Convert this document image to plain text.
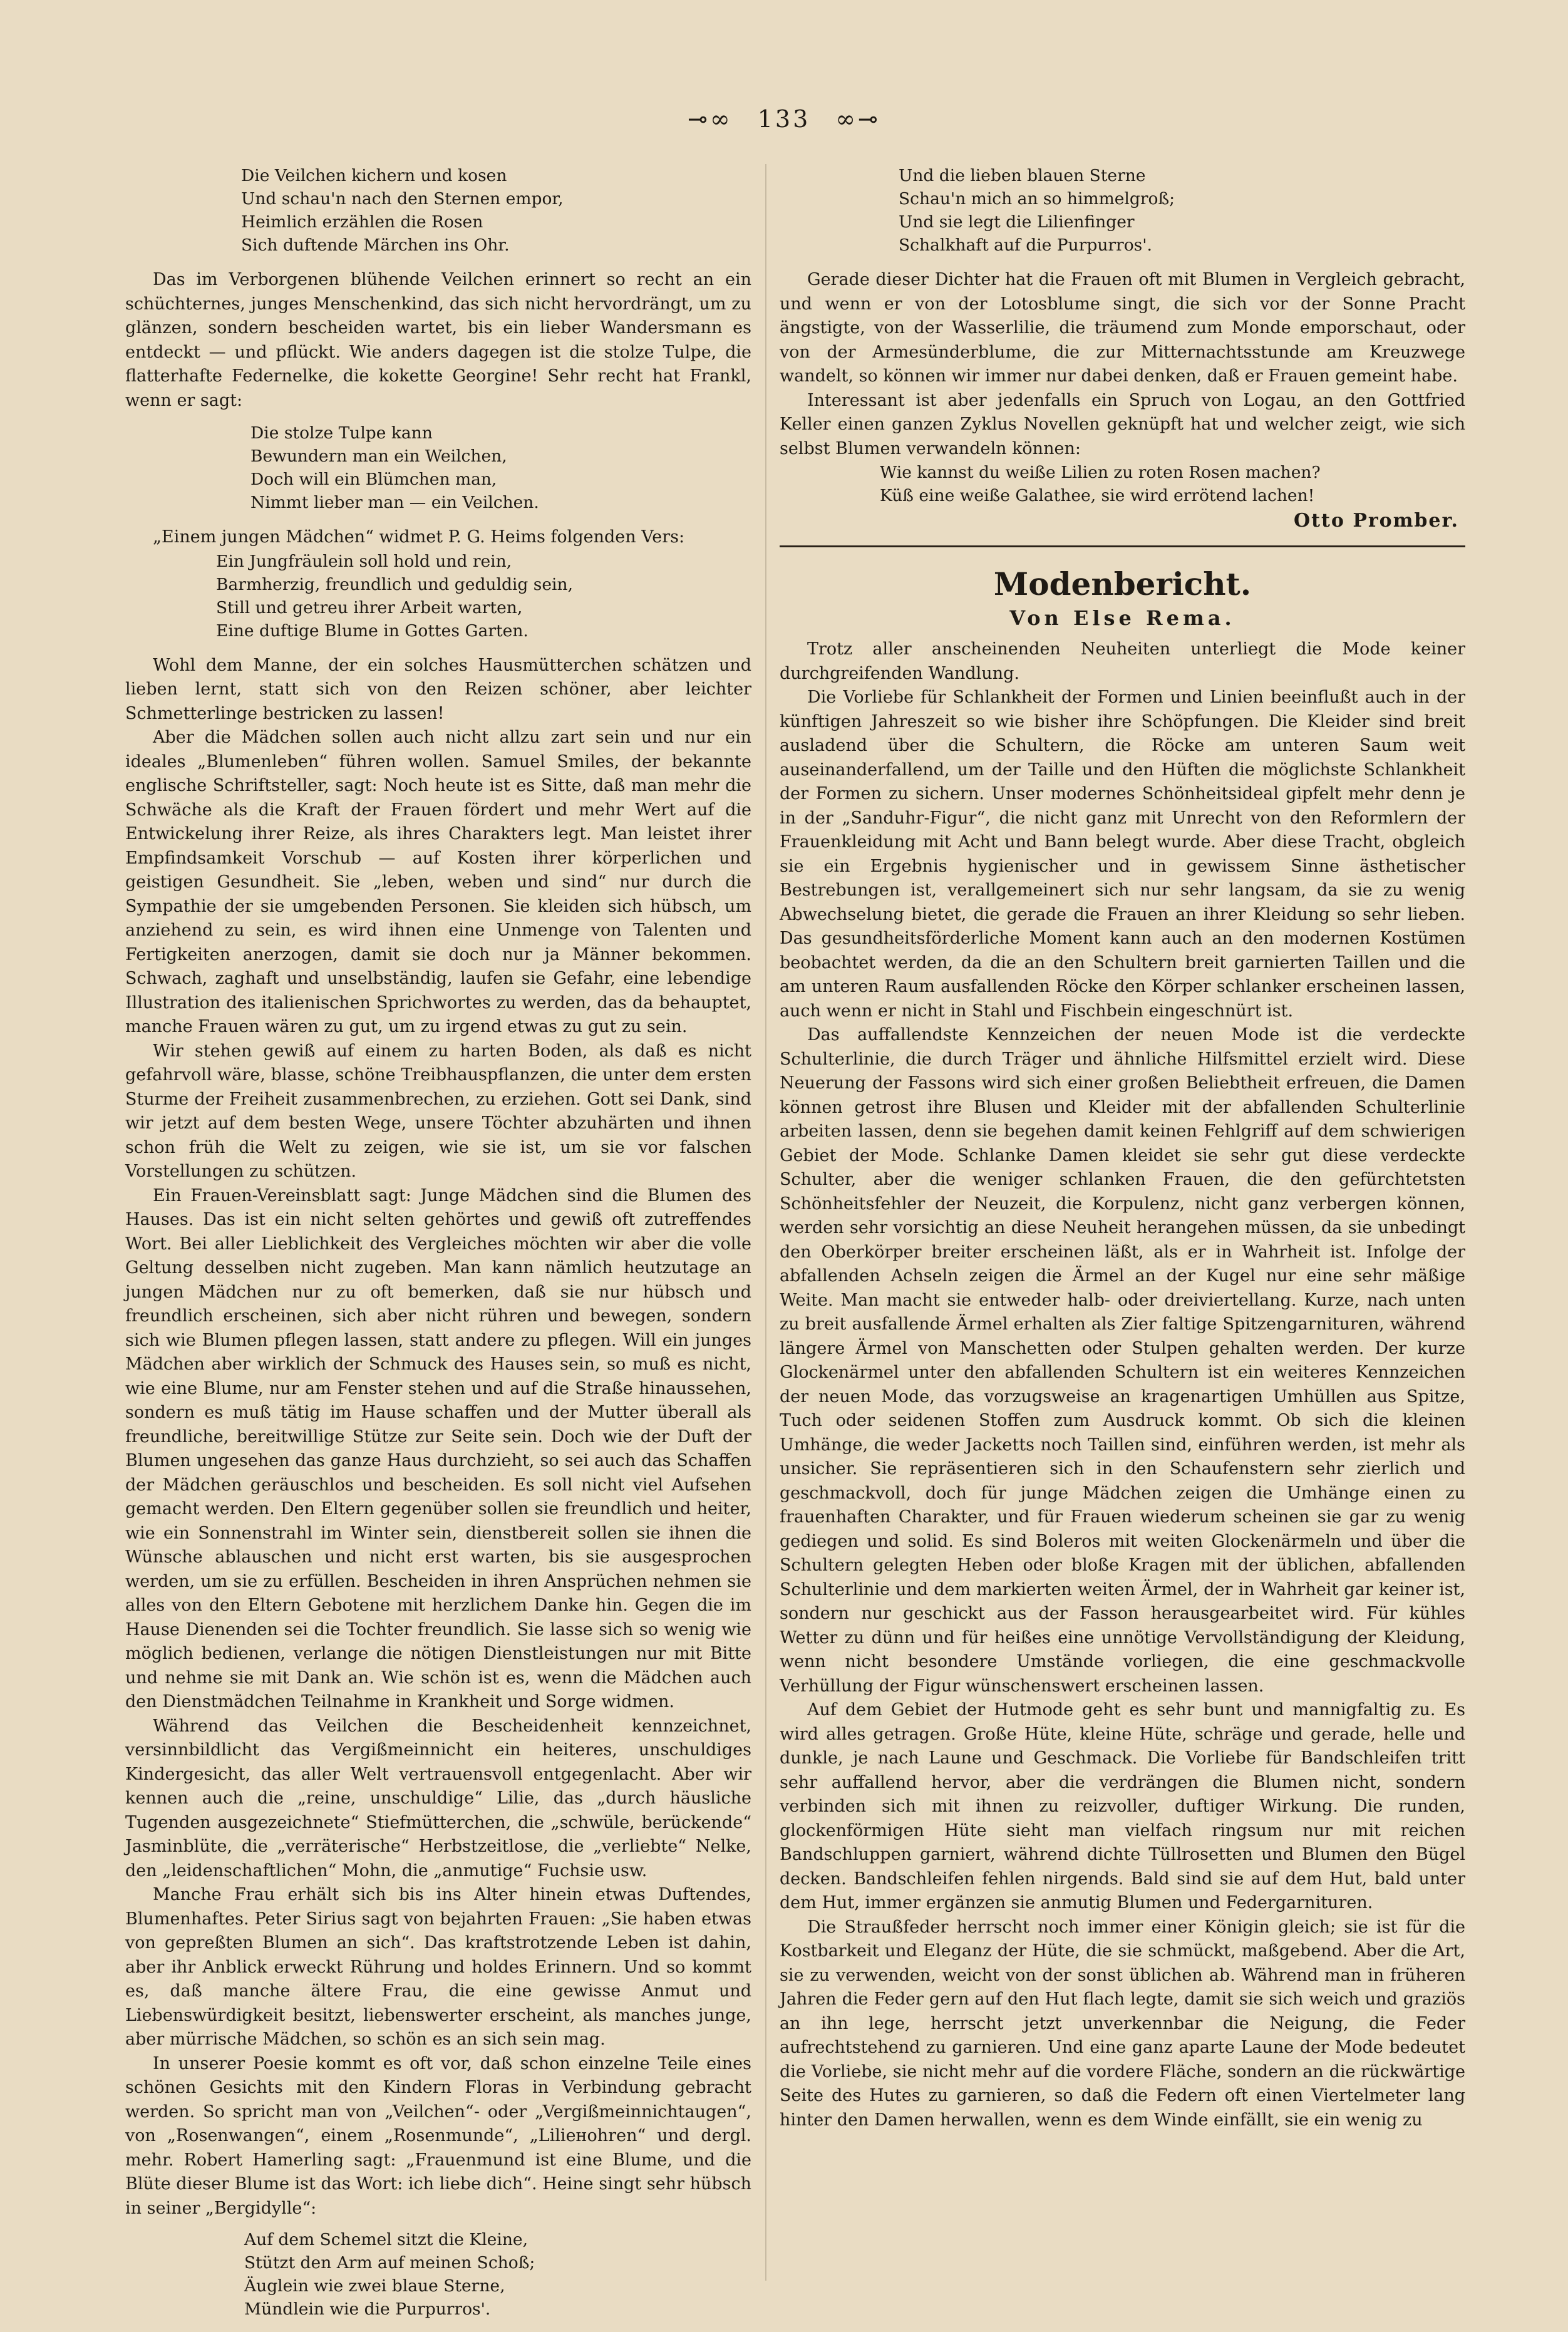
⊸∞ 133 ∞⊸
Die Veilchen kichern und kosen
Und schau'n nach den Sternen empor,
Heimlich erzählen die Rosen
Sich duftende Märchen ins Ohr.

Das im Verborgenen blühende Veilchen erinnert so recht an ein schüchternes, junges Menschenkind, das sich nicht hervordrängt, um zu glänzen, sondern bescheiden wartet, bis ein lieber Wandersmann es entdeckt — und pflückt. Wie anders dagegen ist die stolze Tulpe, die flatterhafte Federnelke, die kokette Georgine! Sehr recht hat Frankl, wenn er sagt:

Die stolze Tulpe kann
Bewundern man ein Weilchen,
Doch will ein Blümchen man,
Nimmt lieber man — ein Veilchen.

„Einem jungen Mädchen“ widmet P. G. Heims folgenden Vers:

Ein Jungfräulein soll hold und rein,
Barmherzig, freundlich und geduldig sein,
Still und getreu ihrer Arbeit warten,
Eine duftige Blume in Gottes Garten.

Wohl dem Manne, der ein solches Hausmütterchen schätzen und lieben lernt, statt sich von den Reizen schöner, aber leichter Schmetterlinge bestricken zu lassen!

Aber die Mädchen sollen auch nicht allzu zart sein und nur ein ideales „Blumenleben“ führen wollen. Samuel Smiles, der bekannte englische Schriftsteller, sagt: Noch heute ist es Sitte, daß man mehr die Schwäche als die Kraft der Frauen fördert und mehr Wert auf die Entwickelung ihrer Reize, als ihres Charakters legt. Man leistet ihrer Empfindsamkeit Vorschub — auf Kosten ihrer körperlichen und geistigen Gesundheit. Sie „leben, weben und sind“ nur durch die Sympathie der sie umgebenden Personen. Sie kleiden sich hübsch, um anziehend zu sein, es wird ihnen eine Unmenge von Talenten und Fertigkeiten anerzogen, damit sie doch nur ja Männer bekommen. Schwach, zaghaft und unselbständig, laufen sie Gefahr, eine lebendige Illustration des italienischen Sprichwortes zu werden, das da behauptet, manche Frauen wären zu gut, um zu irgend etwas zu gut zu sein.

Wir stehen gewiß auf einem zu harten Boden, als daß es nicht gefahrvoll wäre, blasse, schöne Treibhauspflanzen, die unter dem ersten Sturme der Freiheit zusammenbrechen, zu erziehen. Gott sei Dank, sind wir jetzt auf dem besten Wege, unsere Töchter abzuhärten und ihnen schon früh die Welt zu zeigen, wie sie ist, um sie vor falschen Vorstellungen zu schützen.

Ein Frauen-Vereinsblatt sagt: Junge Mädchen sind die Blumen des Hauses. Das ist ein nicht selten gehörtes und gewiß oft zutreffendes Wort. Bei aller Lieblichkeit des Vergleiches möchten wir aber die volle Geltung desselben nicht zugeben. Man kann nämlich heutzutage an jungen Mädchen nur zu oft bemerken, daß sie nur hübsch und freundlich erscheinen, sich aber nicht rühren und bewegen, sondern sich wie Blumen pflegen lassen, statt andere zu pflegen. Will ein junges Mädchen aber wirklich der Schmuck des Hauses sein, so muß es nicht, wie eine Blume, nur am Fenster stehen und auf die Straße hinaussehen, sondern es muß tätig im Hause schaffen und der Mutter überall als freundliche, bereitwillige Stütze zur Seite sein. Doch wie der Duft der Blumen ungesehen das ganze Haus durchzieht, so sei auch das Schaffen der Mädchen geräuschlos und bescheiden. Es soll nicht viel Aufsehen gemacht werden. Den Eltern gegenüber sollen sie freundlich und heiter, wie ein Sonnenstrahl im Winter sein, dienstbereit sollen sie ihnen die Wünsche ablauschen und nicht erst warten, bis sie ausgesprochen werden, um sie zu erfüllen. Bescheiden in ihren Ansprüchen nehmen sie alles von den Eltern Gebotene mit herzlichem Danke hin. Gegen die im Hause Dienenden sei die Tochter freundlich. Sie lasse sich so wenig wie möglich bedienen, verlange die nötigen Dienstleistungen nur mit Bitte und nehme sie mit Dank an. Wie schön ist es, wenn die Mädchen auch den Dienstmädchen Teilnahme in Krankheit und Sorge widmen.

Während das Veilchen die Bescheidenheit kennzeichnet, versinnbildlicht das Vergißmeinnicht ein heiteres, unschuldiges Kindergesicht, das aller Welt vertrauensvoll entgegenlacht. Aber wir kennen auch die „reine, unschuldige“ Lilie, das „durch häusliche Tugenden ausgezeichnete“ Stiefmütterchen, die „schwüle, berückende“ Jasminblüte, die „verräterische“ Herbstzeitlose, die „verliebte“ Nelke, den „leidenschaftlichen“ Mohn, die „anmutige“ Fuchsie usw.

Manche Frau erhält sich bis ins Alter hinein etwas Duftendes, Blumenhaftes. Peter Sirius sagt von bejahrten Frauen: „Sie haben etwas von gepreßten Blumen an sich“. Das kraftstrotzende Leben ist dahin, aber ihr Anblick erweckt Rührung und holdes Erinnern. Und so kommt es, daß manche ältere Frau, die eine gewisse Anmut und Liebenswürdigkeit besitzt, liebenswerter erscheint, als manches junge, aber mürrische Mädchen, so schön es an sich sein mag.

In unserer Poesie kommt es oft vor, daß schon einzelne Teile eines schönen Gesichts mit den Kindern Floras in Verbindung gebracht werden. So spricht man von „Veilchen“- oder „Vergißmeinnichtaugen“, von „Rosenwangen“, einem „Rosenmunde“, „Liliенohren“ und dergl. mehr. Robert Hamerling sagt: „Frauenmund ist eine Blume, und die Blüte dieser Blume ist das Wort: ich liebe dich“. Heine singt sehr hübsch in seiner „Bergidylle“:

Auf dem Schemel sitzt die Kleine,
Stützt den Arm auf meinen Schoß;
Äuglein wie zwei blaue Sterne,
Mündlein wie die Purpurros'.
Und die lieben blauen Sterne
Schau'n mich an so himmelgroß;
Und sie legt die Lilienfinger
Schalkhaft auf die Purpurros'.

Gerade dieser Dichter hat die Frauen oft mit Blumen in Vergleich gebracht, und wenn er von der Lotosblume singt, die sich vor der Sonne Pracht ängstigte, von der Wasserlilie, die träumend zum Monde emporschaut, oder von der Armesünderblume, die zur Mitternachtsstunde am Kreuzwege wandelt, so können wir immer nur dabei denken, daß er Frauen gemeint habe.

Interessant ist aber jedenfalls ein Spruch von Logau, an den Gottfried Keller einen ganzen Zyklus Novellen geknüpft hat und welcher zeigt, wie sich selbst Blumen verwandeln können:

Wie kannst du weiße Lilien zu roten Rosen machen?
Küß eine weiße Galathee, sie wird errötend lachen!
Otto Promber.
Modenbericht.
Von Else Rema.

Trotz aller anscheinenden Neuheiten unterliegt die Mode keiner durchgreifenden Wandlung.

Die Vorliebe für Schlankheit der Formen und Linien beeinflußt auch in der künftigen Jahreszeit so wie bisher ihre Schöpfungen. Die Kleider sind breit ausladend über die Schultern, die Röcke am unteren Saum weit auseinanderfallend, um der Taille und den Hüften die möglichste Schlankheit der Formen zu sichern. Unser modernes Schönheitsideal gipfelt mehr denn je in der „Sanduhr-Figur“, die nicht ganz mit Unrecht von den Reformlern der Frauenkleidung mit Acht und Bann belegt wurde. Aber diese Tracht, obgleich sie ein Ergebnis hygienischer und in gewissem Sinne ästhetischer Bestrebungen ist, verallgemeinert sich nur sehr langsam, da sie zu wenig Abwechselung bietet, die gerade die Frauen an ihrer Kleidung so sehr lieben. Das gesundheitsförderliche Moment kann auch an den modernen Kostümen beobachtet werden, da die an den Schultern breit garnierten Taillen und die am unteren Raum ausfallenden Röcke den Körper schlanker erscheinen lassen, auch wenn er nicht in Stahl und Fischbein eingeschnürt ist.

Das auffallendste Kennzeichen der neuen Mode ist die verdeckte Schulterlinie, die durch Träger und ähnliche Hilfsmittel erzielt wird. Diese Neuerung der Fassons wird sich einer großen Beliebtheit erfreuen, die Damen können getrost ihre Blusen und Kleider mit der abfallenden Schulterlinie arbeiten lassen, denn sie begehen damit keinen Fehlgriff auf dem schwierigen Gebiet der Mode. Schlanke Damen kleidet sie sehr gut diese verdeckte Schulter, aber die weniger schlanken Frauen, die den gefürchtetsten Schönheitsfehler der Neuzeit, die Korpulenz, nicht ganz verbergen können, werden sehr vorsichtig an diese Neuheit herangehen müssen, da sie unbedingt den Oberkörper breiter erscheinen läßt, als er in Wahrheit ist. Infolge der abfallenden Achseln zeigen die Ärmel an der Kugel nur eine sehr mäßige Weite. Man macht sie entweder halb- oder dreiviertellang. Kurze, nach unten zu breit ausfallende Ärmel erhalten als Zier faltige Spitzengarnituren, während längere Ärmel von Manschetten oder Stulpen gehalten werden. Der kurze Glockenärmel unter den abfallenden Schultern ist ein weiteres Kennzeichen der neuen Mode, das vorzugsweise an kragenartigen Umhüllen aus Spitze, Tuch oder seidenen Stoffen zum Ausdruck kommt. Ob sich die kleinen Umhänge, die weder Jacketts noch Taillen sind, einführen werden, ist mehr als unsicher. Sie repräsentieren sich in den Schaufenstern sehr zierlich und geschmackvoll, doch für junge Mädchen zeigen die Umhänge einen zu frauenhaften Charakter, und für Frauen wiederum scheinen sie gar zu wenig gediegen und solid. Es sind Boleros mit weiten Glockenärmeln und über die Schultern gelegten Heben oder bloße Kragen mit der üblichen, abfallenden Schulterlinie und dem markierten weiten Ärmel, der in Wahrheit gar keiner ist, sondern nur geschickt aus der Fasson herausgearbeitet wird. Für kühles Wetter zu dünn und für heißes eine unnötige Vervollständigung der Kleidung, wenn nicht besondere Umstände vorliegen, die eine geschmackvolle Verhüllung der Figur wünschenswert erscheinen lassen.

Auf dem Gebiet der Hutmode geht es sehr bunt und mannigfaltig zu. Es wird alles getragen. Große Hüte, kleine Hüte, schräge und gerade, helle und dunkle, je nach Laune und Geschmack. Die Vorliebe für Bandschleifen tritt sehr auffallend hervor, aber die verdrängen die Blumen nicht, sondern verbinden sich mit ihnen zu reizvoller, duftiger Wirkung. Die runden, glockenförmigen Hüte sieht man vielfach ringsum nur mit reichen Bandschluppen garniert, während dichte Tüllrosetten und Blumen den Bügel decken. Bandschleifen fehlen nirgends. Bald sind sie auf dem Hut, bald unter dem Hut, immer ergänzen sie anmutig Blumen und Federgarnituren.

Die Straußfeder herrscht noch immer einer Königin gleich; sie ist für die Kostbarkeit und Eleganz der Hüte, die sie schmückt, maßgebend. Aber die Art, sie zu verwenden, weicht von der sonst üblichen ab. Während man in früheren Jahren die Feder gern auf den Hut flach legte, damit sie sich weich und graziös an ihn lege, herrscht jetzt unverkennbar die Neigung, die Feder aufrechtstehend zu garnieren. Und eine ganz aparte Laune der Mode bedeutet die Vorliebe, sie nicht mehr auf die vordere Fläche, sondern an die rückwärtige Seite des Hutes zu garnieren, so daß die Federn oft einen Viertelmeter lang hinter den Damen herwallen, wenn es dem Winde einfällt, sie ein wenig zu
